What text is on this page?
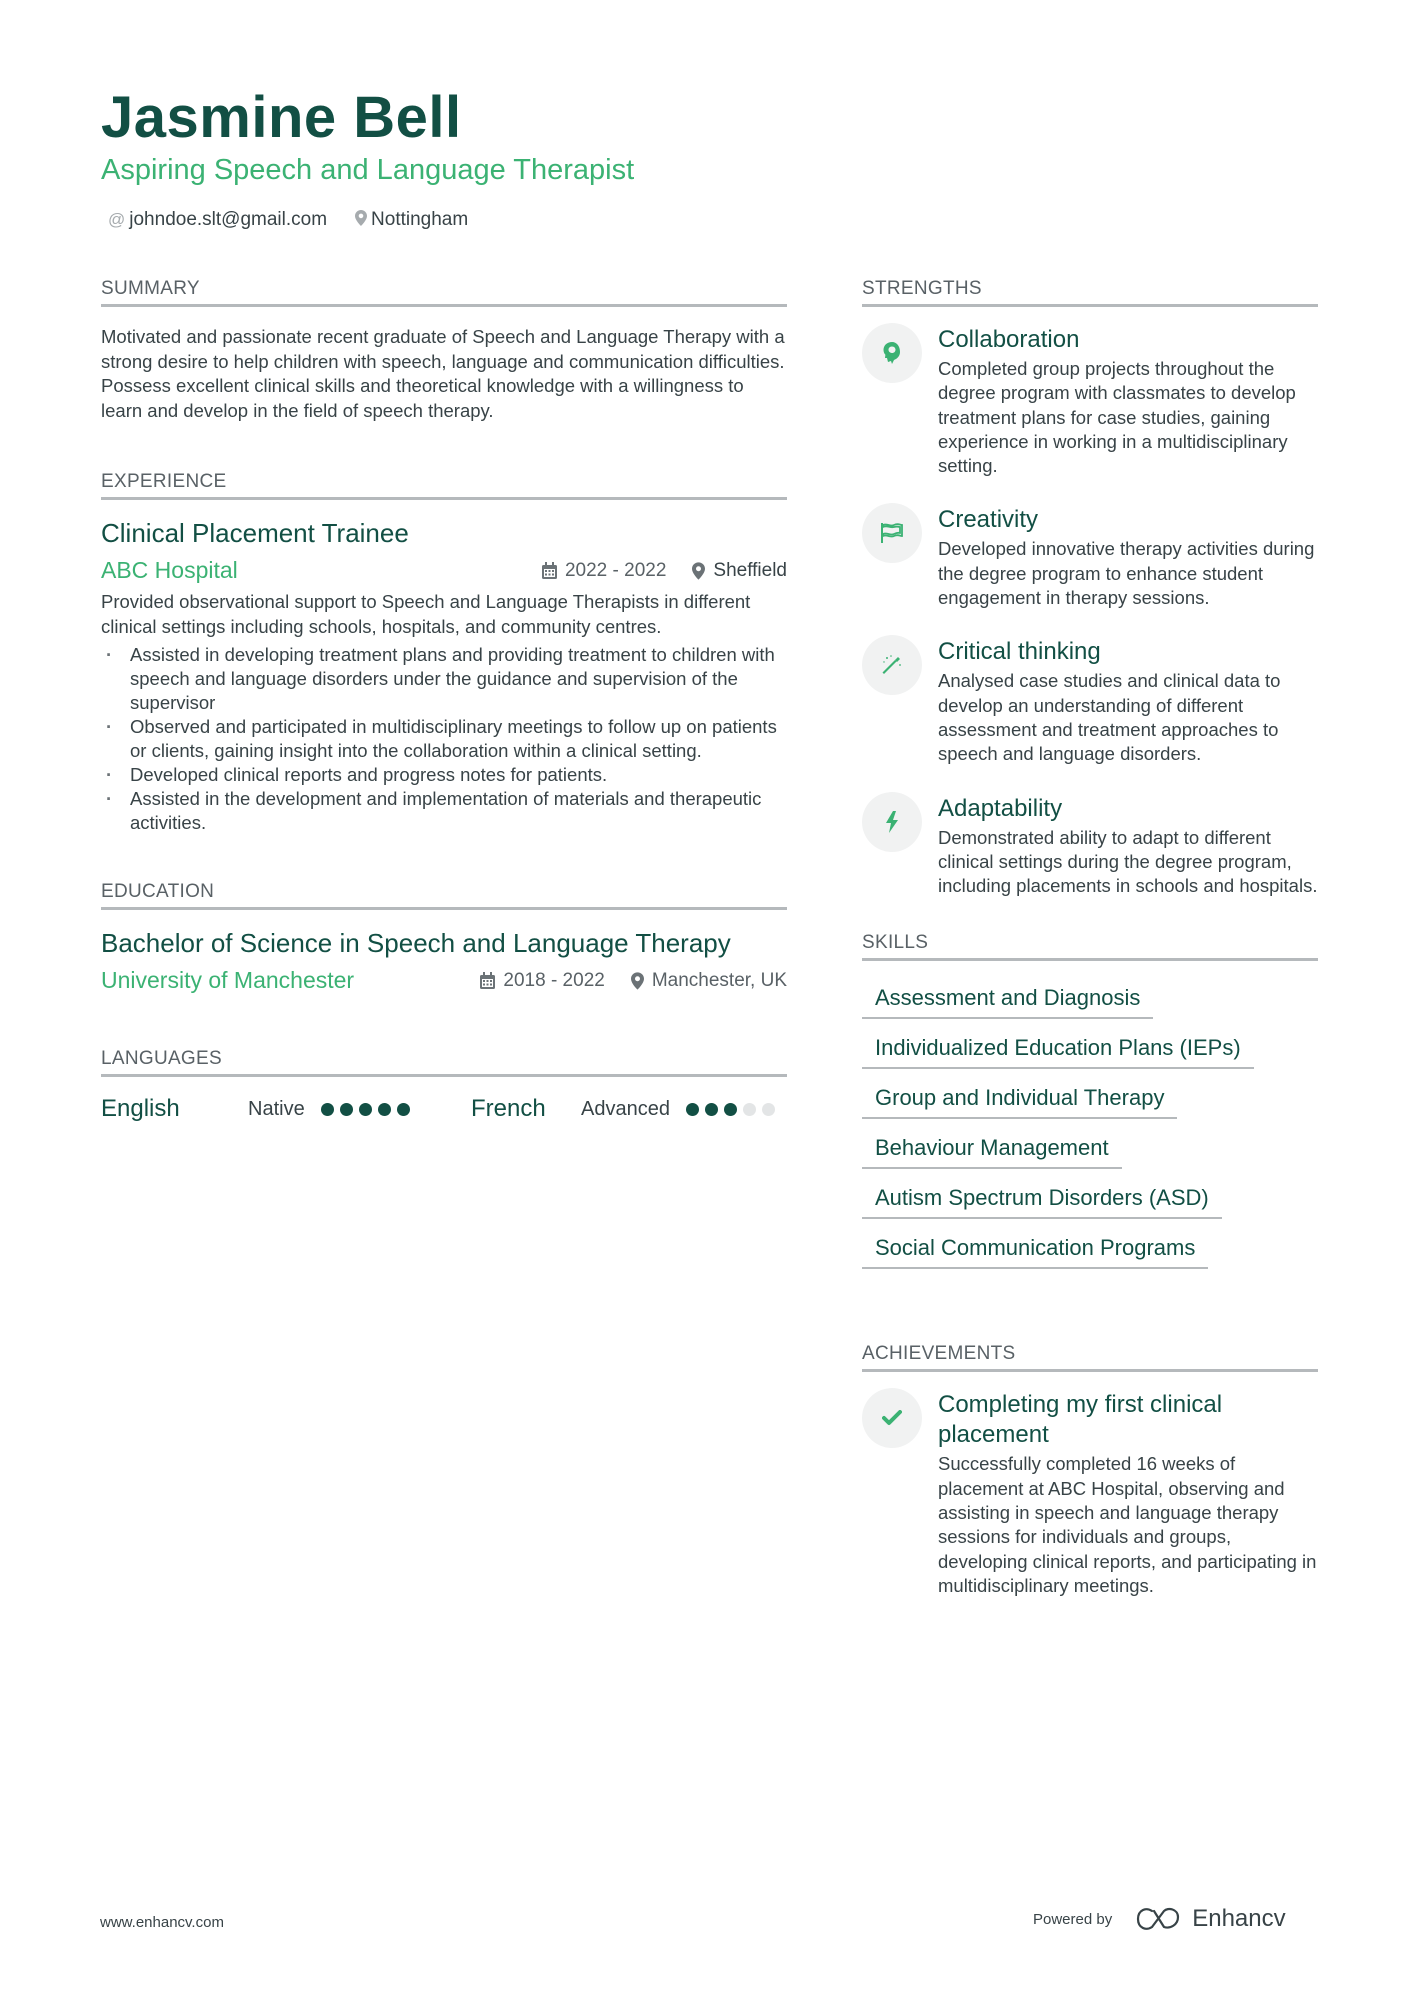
Jasmine Bell
Aspiring Speech and Language Therapist
@ johndoe.slt@gmail.com Nottingham
SUMMARY
Motivated and passionate recent graduate of Speech and Language Therapy with a strong desire to help children with speech, language and communication difficulties. Possess excellent clinical skills and theoretical knowledge with a willingness to learn and develop in the field of speech therapy.
EXPERIENCE
Clinical Placement Trainee
ABC Hospital	2022 - 2022 Sheffield
Provided observational support to Speech and Language Therapists in different clinical settings including schools, hospitals, and community centres.
· Assisted in developing treatment plans and providing treatment to children with speech and language disorders under the guidance and supervision of the supervisor
· Observed and participated in multidisciplinary meetings to follow up on patients or clients, gaining insight into the collaboration within a clinical setting.
· Developed clinical reports and progress notes for patients.
· Assisted in the development and implementation of materials and therapeutic activities.
EDUCATION
Bachelor of Science in Speech and Language Therapy
University of Manchester	2018 - 2022 Manchester, UK
LANGUAGES
English	Native	French	Advanced
STRENGTHS
Collaboration
Completed group projects throughout the degree program with classmates to develop treatment plans for case studies, gaining experience in working in a multidisciplinary setting.
Creativity
Developed innovative therapy activities during the degree program to enhance student engagement in therapy sessions.
Critical thinking
Analysed case studies and clinical data to develop an understanding of different assessment and treatment approaches to speech and language disorders.
Adaptability
Demonstrated ability to adapt to different clinical settings during the degree program, including placements in schools and hospitals.
SKILLS
Assessment and Diagnosis
Individualized Education Plans (IEPs)
Group and Individual Therapy
Behaviour Management
Autism Spectrum Disorders (ASD)
Social Communication Programs
ACHIEVEMENTS
Completing my first clinical placement
Successfully completed 16 weeks of placement at ABC Hospital, observing and assisting in speech and language therapy sessions for individuals and groups, developing clinical reports, and participating in multidisciplinary meetings.
www.enhancv.com	Powered by	Enhancv
